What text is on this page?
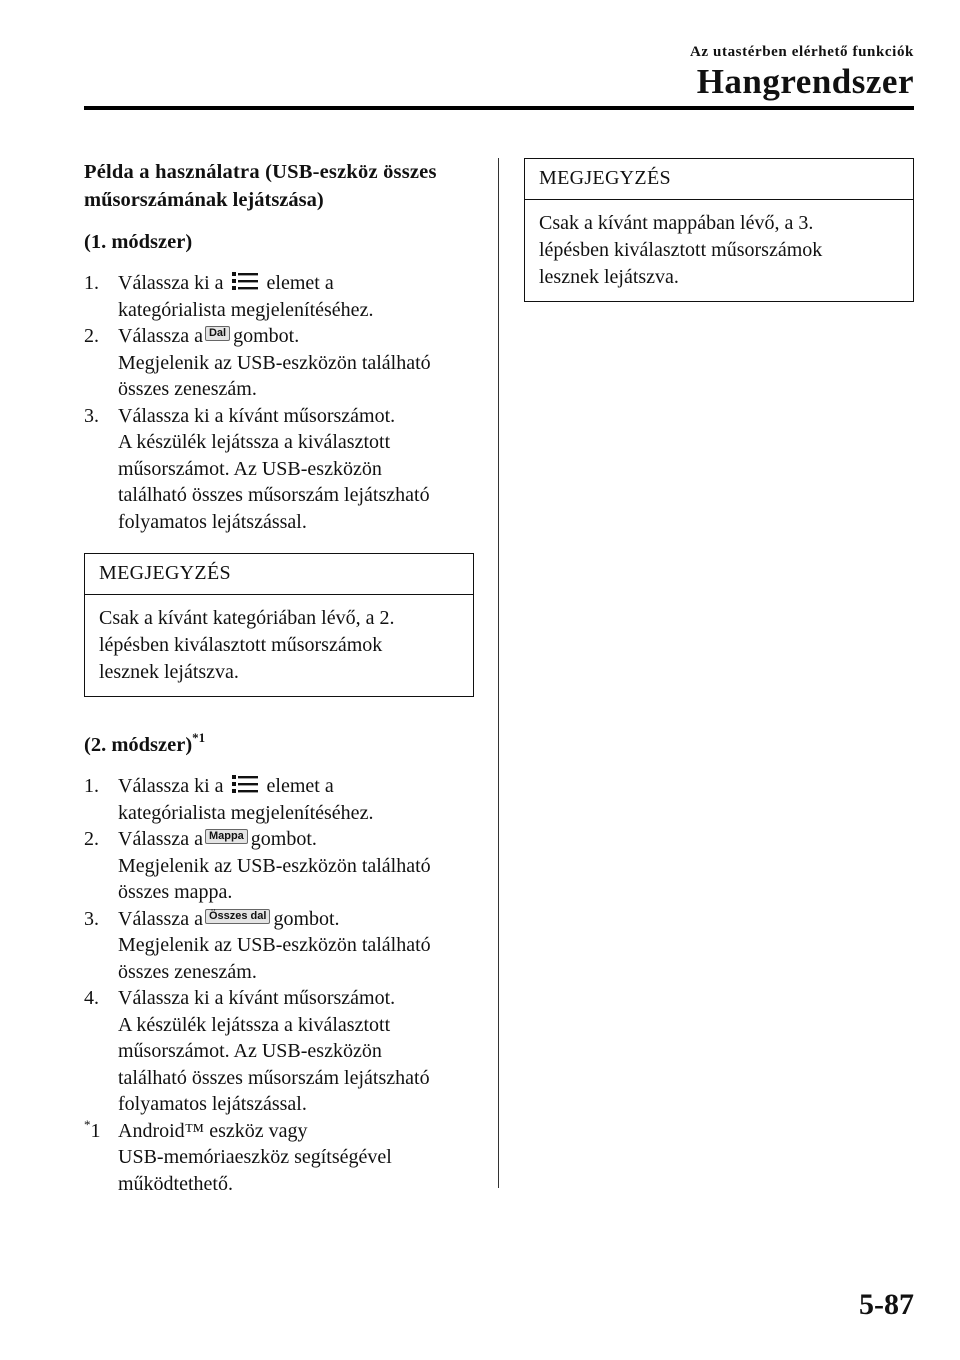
Az utastérben elérhető funkciók
Hangrendszer
Példa a használatra (USB-eszköz összes
műsorszámának lejátszása)
(1. módszer)
1. Válassza ki a elemet a
kategórialista megjelenítéséhez.
2. Válassza a Dal gombot.
Megjelenik az USB-eszközön található
összes zeneszám.
3. Válassza ki a kívánt műsorszámot.
A készülék lejátssza a kiválasztott
műsorszámot. Az USB-eszközön
található összes műsorszám lejátszható
folyamatos lejátszással.
MEGJEGYZÉS
Csak a kívánt kategóriában lévő, a 2.
lépésben kiválasztott műsorszámok
lesznek lejátszva.
(2. módszer)$^{*1}$
1. Válassza ki a elemet a
kategórialista megjelenítéséhez.
2. Válassza a Mappa gombot.
Megjelenik az USB-eszközön található
összes mappa.
3. Válassza a Összes dal gombot.
Megjelenik az USB-eszközön található
összes zeneszám.
4. Válassza ki a kívánt műsorszámot.
A készülék lejátssza a kiválasztott
műsorszámot. Az USB-eszközön
található összes műsorszám lejátszható
folyamatos lejátszással.
*1 Android™ eszköz vagy
USB-memóriaeszköz segítségével
működtethető.
MEGJEGYZÉS
Csak a kívánt mappában lévő, a 3.
lépésben kiválasztott műsorszámok
lesznek lejátszva.
5-87
